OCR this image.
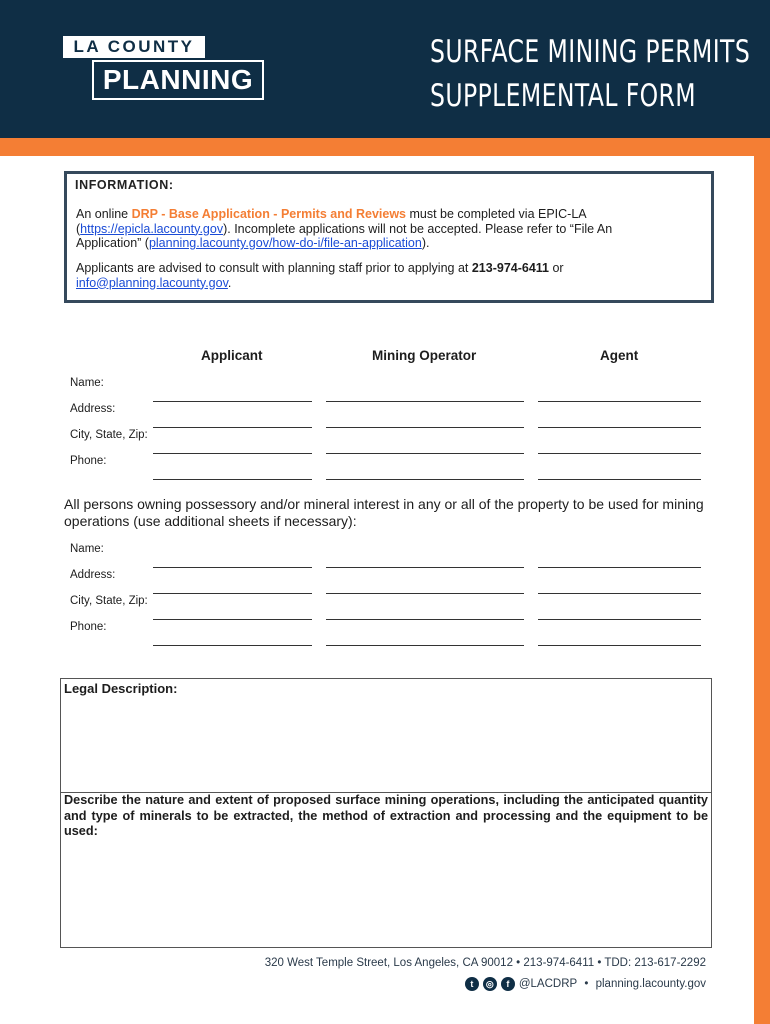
LA COUNTY
PLANNING
SURFACE MINING PERMITS
SUPPLEMENTAL FORM
INFORMATION:
An online DRP - Base Application - Permits and Reviews must be completed via EPIC-LA (https://epicla.lacounty.gov). Incomplete applications will not be accepted. Please refer to “File An Application” (planning.lacounty.gov/how-do-i/file-an-application).
Applicants are advised to consult with planning staff prior to applying at 213-974-6411 or info@planning.lacounty.gov.
Applicant	Mining Operator	Agent
Name:
Address:
City, State, Zip:
Phone:
All persons owning possessory and/or mineral interest in any or all of the property to be used for mining operations (use additional sheets if necessary):
Name:
Address:
City, State, Zip:
Phone:
Legal Description:
Describe the nature and extent of proposed surface mining operations, including the anticipated quantity and type of minerals to be extracted, the method of extraction and processing and the equipment to be used:
320 West Temple Street, Los Angeles, CA 90012 • 213-974-6411 • TDD: 213-617-2292
t	◎	f @LACDRP • planning.lacounty.gov
